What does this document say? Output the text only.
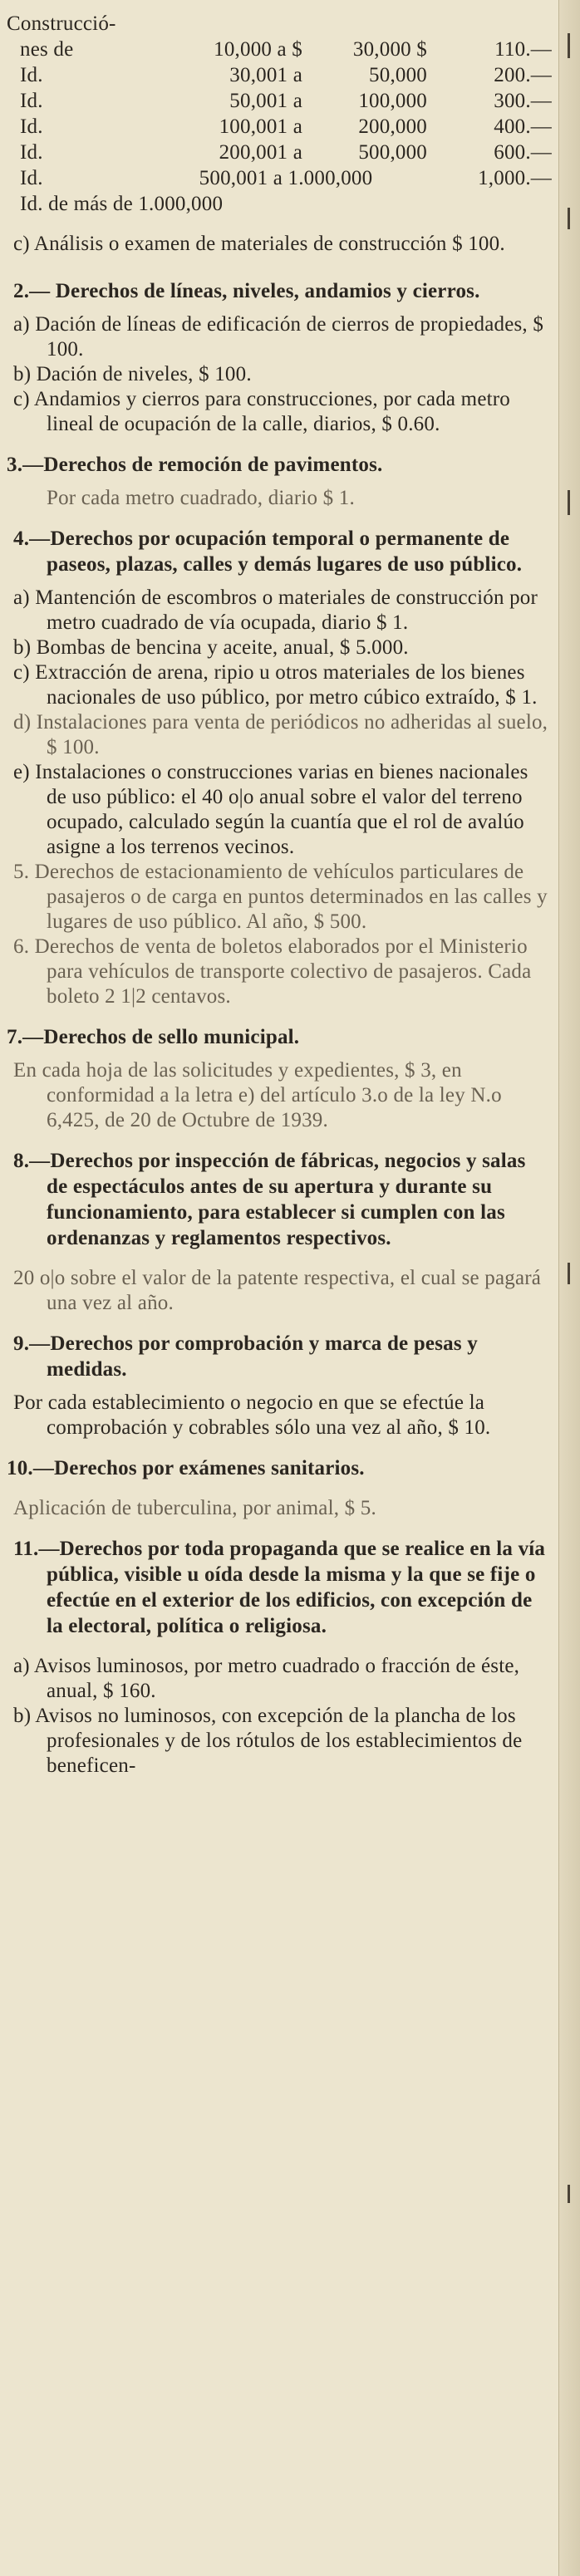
Construcció-

nes de	10,000 a $	30,000 $	110.—
Id.	30,001 a	50,000	200.—
Id.	50,001 a	100,000	300.—
Id.	100,001 a	200,000	400.—
Id.	200,001 a	500,000	600.—
Id.	500,001 a 1.000,000		1,000.—
Id. de más de 1.000,000			

c) Análisis o examen de materiales de construcción $ 100.

2.— Derechos de líneas, niveles, andamios y cierros.

a) Dación de líneas de edificación de cierros de propiedades, $ 100.

b) Dación de niveles, $ 100.

c) Andamios y cierros para construcciones, por cada metro lineal de ocupación de la calle, diarios, $ 0.60.

3.—Derechos de remoción de pavimentos.

Por cada metro cuadrado, diario $ 1.

4.—Derechos por ocupación temporal o permanente de paseos, plazas, calles y demás lugares de uso público.

a) Mantención de escombros o materiales de construcción por metro cuadrado de vía ocupada, diario $ 1.

b) Bombas de bencina y aceite, anual, $ 5.000.

c) Extracción de arena, ripio u otros materiales de los bienes nacionales de uso público, por metro cúbico extraído, $ 1.

d) Instalaciones para venta de periódicos no adheridas al suelo, $ 100.

e) Instalaciones o construcciones varias en bienes nacionales de uso público: el 40 o|o anual sobre el valor del terreno ocupado, calculado según la cuantía que el rol de avalúo asigne a los terrenos vecinos.

5. Derechos de estacionamiento de vehículos particulares de pasajeros o de carga en puntos determinados en las calles y lugares de uso público. Al año, $ 500.

6. Derechos de venta de boletos elaborados por el Ministerio para vehículos de transporte colectivo de pasajeros. Cada boleto 2 1|2 centavos.

7.—Derechos de sello municipal.

En cada hoja de las solicitudes y expedientes, $ 3, en conformidad a la letra e) del artículo 3.o de la ley N.o 6,425, de 20 de Octubre de 1939.

8.—Derechos por inspección de fábricas, negocios y salas de espectáculos antes de su apertura y durante su funcionamiento, para establecer si cumplen con las ordenanzas y reglamentos respectivos.

20 o|o sobre el valor de la patente respectiva, el cual se pagará una vez al año.

9.—Derechos por comprobación y marca de pesas y medidas.

Por cada establecimiento o negocio en que se efectúe la comprobación y cobrables sólo una vez al año, $ 10.

10.—Derechos por exámenes sanitarios.

Aplicación de tuberculina, por animal, $ 5.

11.—Derechos por toda propaganda que se realice en la vía pública, visible u oída desde la misma y la que se fije o efectúe en el exterior de los edificios, con excepción de la electoral, política o religiosa.

a) Avisos luminosos, por metro cuadrado o fracción de éste, anual, $ 160.

b) Avisos no luminosos, con excepción de la plancha de los profesionales y de los rótulos de los establecimientos de beneficen-
